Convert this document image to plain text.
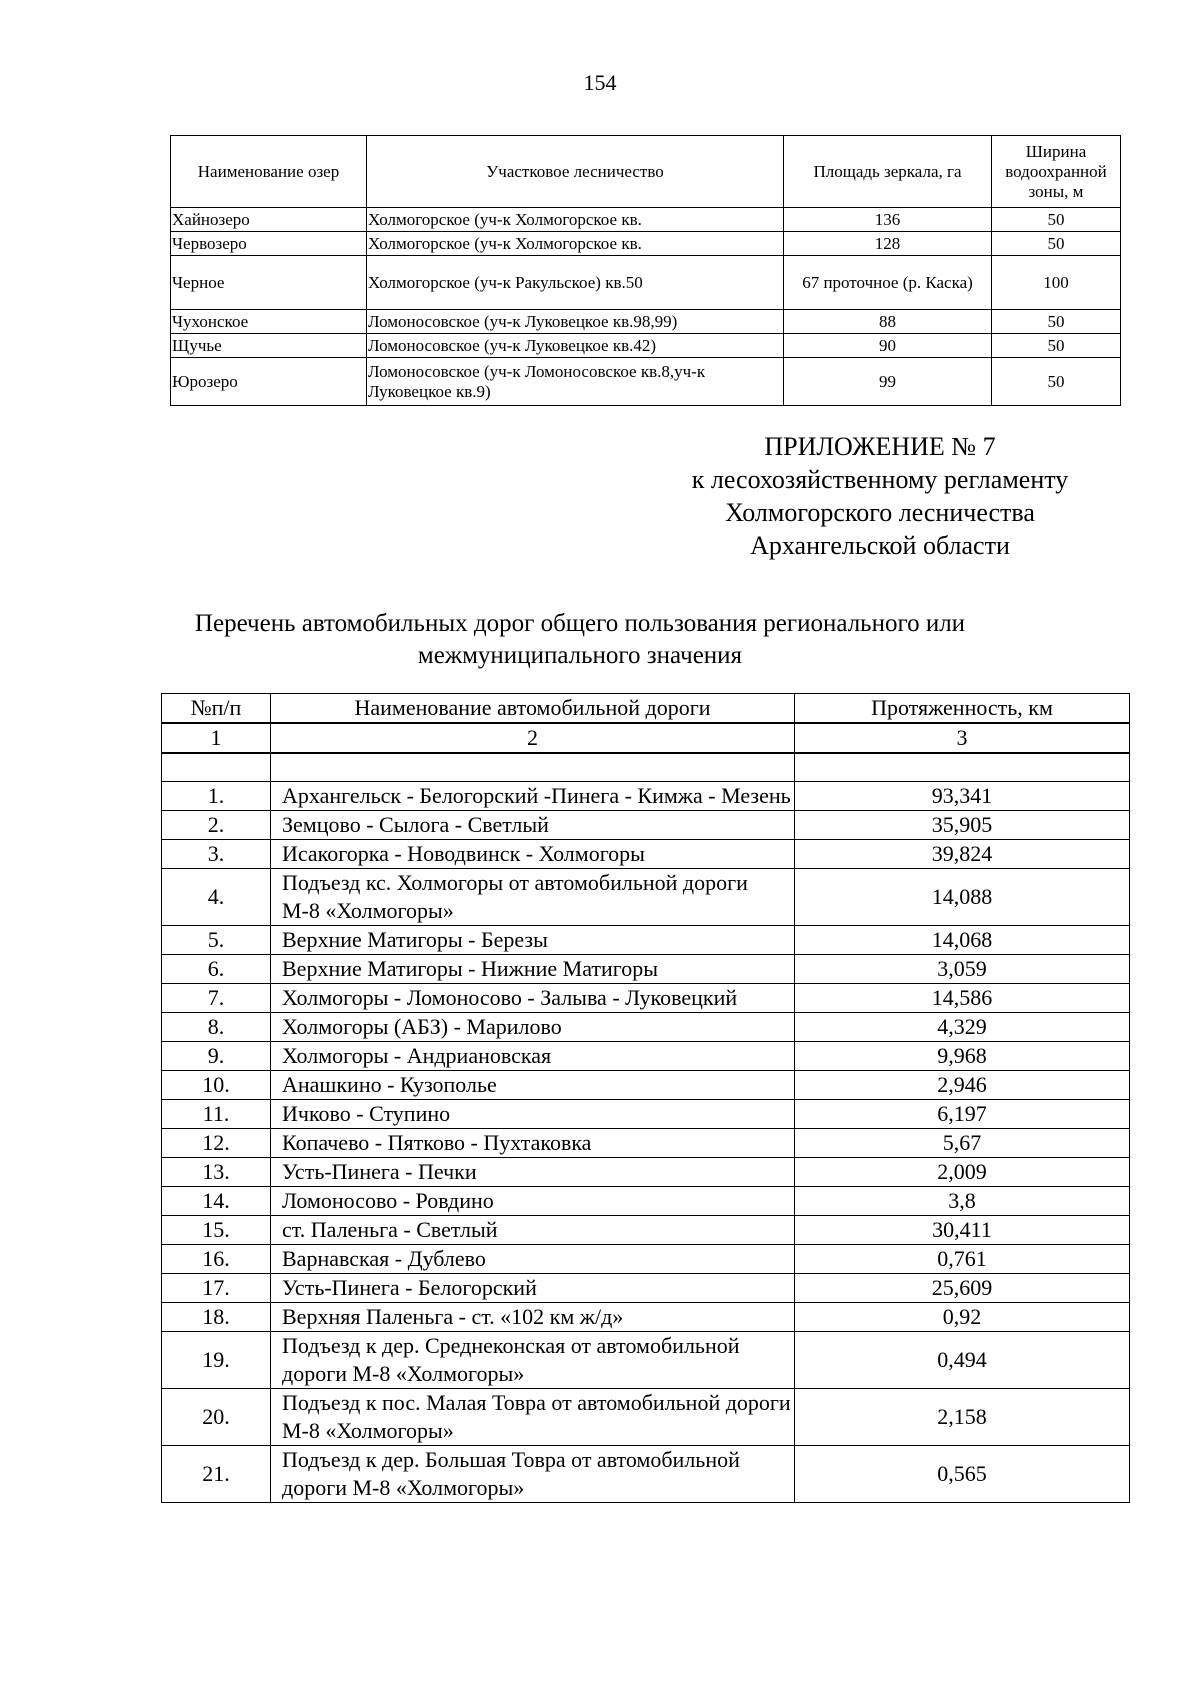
154
Наименование озер	Участковое лесничество	Площадь зеркала, га	Ширина
водоохранной
зоны, м

Хайнозеро	Холмогорское (уч-к Холмогорское кв.	136	50
Червозеро	Холмогорское (уч-к Холмогорское кв.	128	50
Черное	Холмогорское (уч-к Ракульское) кв.50	67 проточное (р. Каска)	100
Чухонское	Ломоносовское (уч-к Луковецкое кв.98,99)	88	50
Щучье	Ломоносовское (уч-к Луковецкое кв.42)	90	50
Юрозеро	Ломоносовское (уч-к Ломоносовское кв.8,уч-к Луковецкое кв.9)	99	50
ПРИЛОЖЕНИЕ № 7
к лесохозяйственному регламенту
Холмогорского лесничества
Архангельской области
Перечень автомобильных дорог общего пользования регионального или межмуниципального значения
№п/п	Наименование автомобильной дороги	Протяженность, км
1	2	3

1.	Архангельск - Белогорский -Пинега - Кимжа - Мезень	93,341
2.	Земцово - Сылога - Светлый	35,905
3.	Исакогорка - Новодвинск - Холмогоры	39,824
4.	Подъезд кс. Холмогоры от автомобильной дороги М-8 «Холмогоры»	14,088
5.	Верхние Матигоры - Березы	14,068
6.	Верхние Матигоры - Нижние Матигоры	3,059
7.	Холмогоры - Ломоносово - Залыва - Луковецкий	14,586
8.	Холмогоры (АБЗ) - Марилово	4,329
9.	Холмогоры - Андриановская	9,968
10.	Анашкино - Кузополье	2,946
11.	Ичково - Ступино	6,197
12.	Копачево - Пятково - Пухтаковка	5,67
13.	Усть-Пинега - Печки	2,009
14.	Ломоносово - Ровдино	3,8
15.	ст. Паленьга - Светлый	30,411
16.	Варнавская - Дублево	0,761
17.	Усть-Пинега - Белогорский	25,609
18.	Верхняя Паленьга - ст. «102 км ж/д»	0,92
19.	Подъезд к дер. Среднеконская от автомобильной дороги М-8 «Холмогоры»	0,494
20.	Подъезд к пос. Малая Товра от автомобильной дороги М-8 «Холмогоры»	2,158
21.	Подъезд к дер. Большая Товра от автомобильной дороги М-8 «Холмогоры»	0,565
